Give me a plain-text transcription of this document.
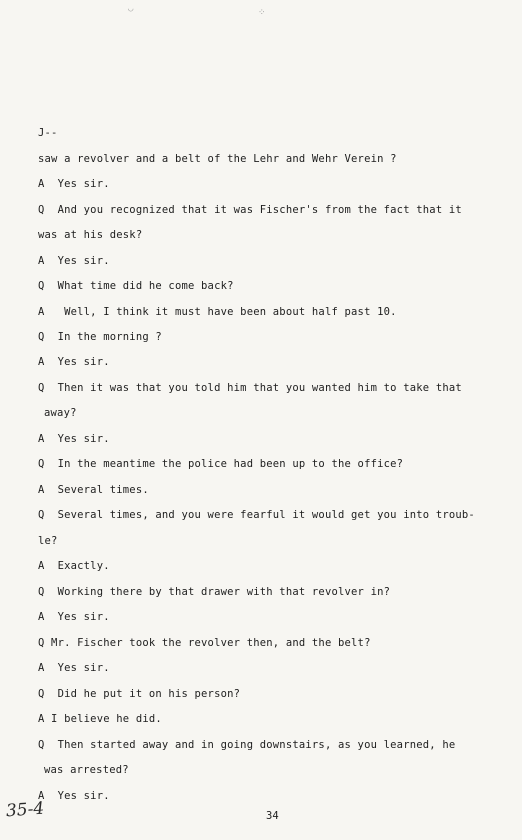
◡	⁘
J--
saw a revolver and a belt of the Lehr and Wehr Verein ?
A  Yes sir.
Q  And you recognized that it was Fischer's from the fact that it
was at his desk?
A  Yes sir.
Q  What time did he come back?
A   Well, I think it must have been about half past 10.
Q  In the morning ?
A  Yes sir.
Q  Then it was that you told him that you wanted him to take that
away?
A  Yes sir.
Q  In the meantime the police had been up to the office?
A  Several times.
Q  Several times, and you were fearful it would get you into troub-
le?
A  Exactly.
Q  Working there by that drawer with that revolver in?
A  Yes sir.
Q Mr. Fischer took the revolver then, and the belt?
A  Yes sir.
Q  Did he put it on his person?
A I believe he did.
Q  Then started away and in going downstairs, as you learned, he
was arrested?
A  Yes sir.
35-4	34
